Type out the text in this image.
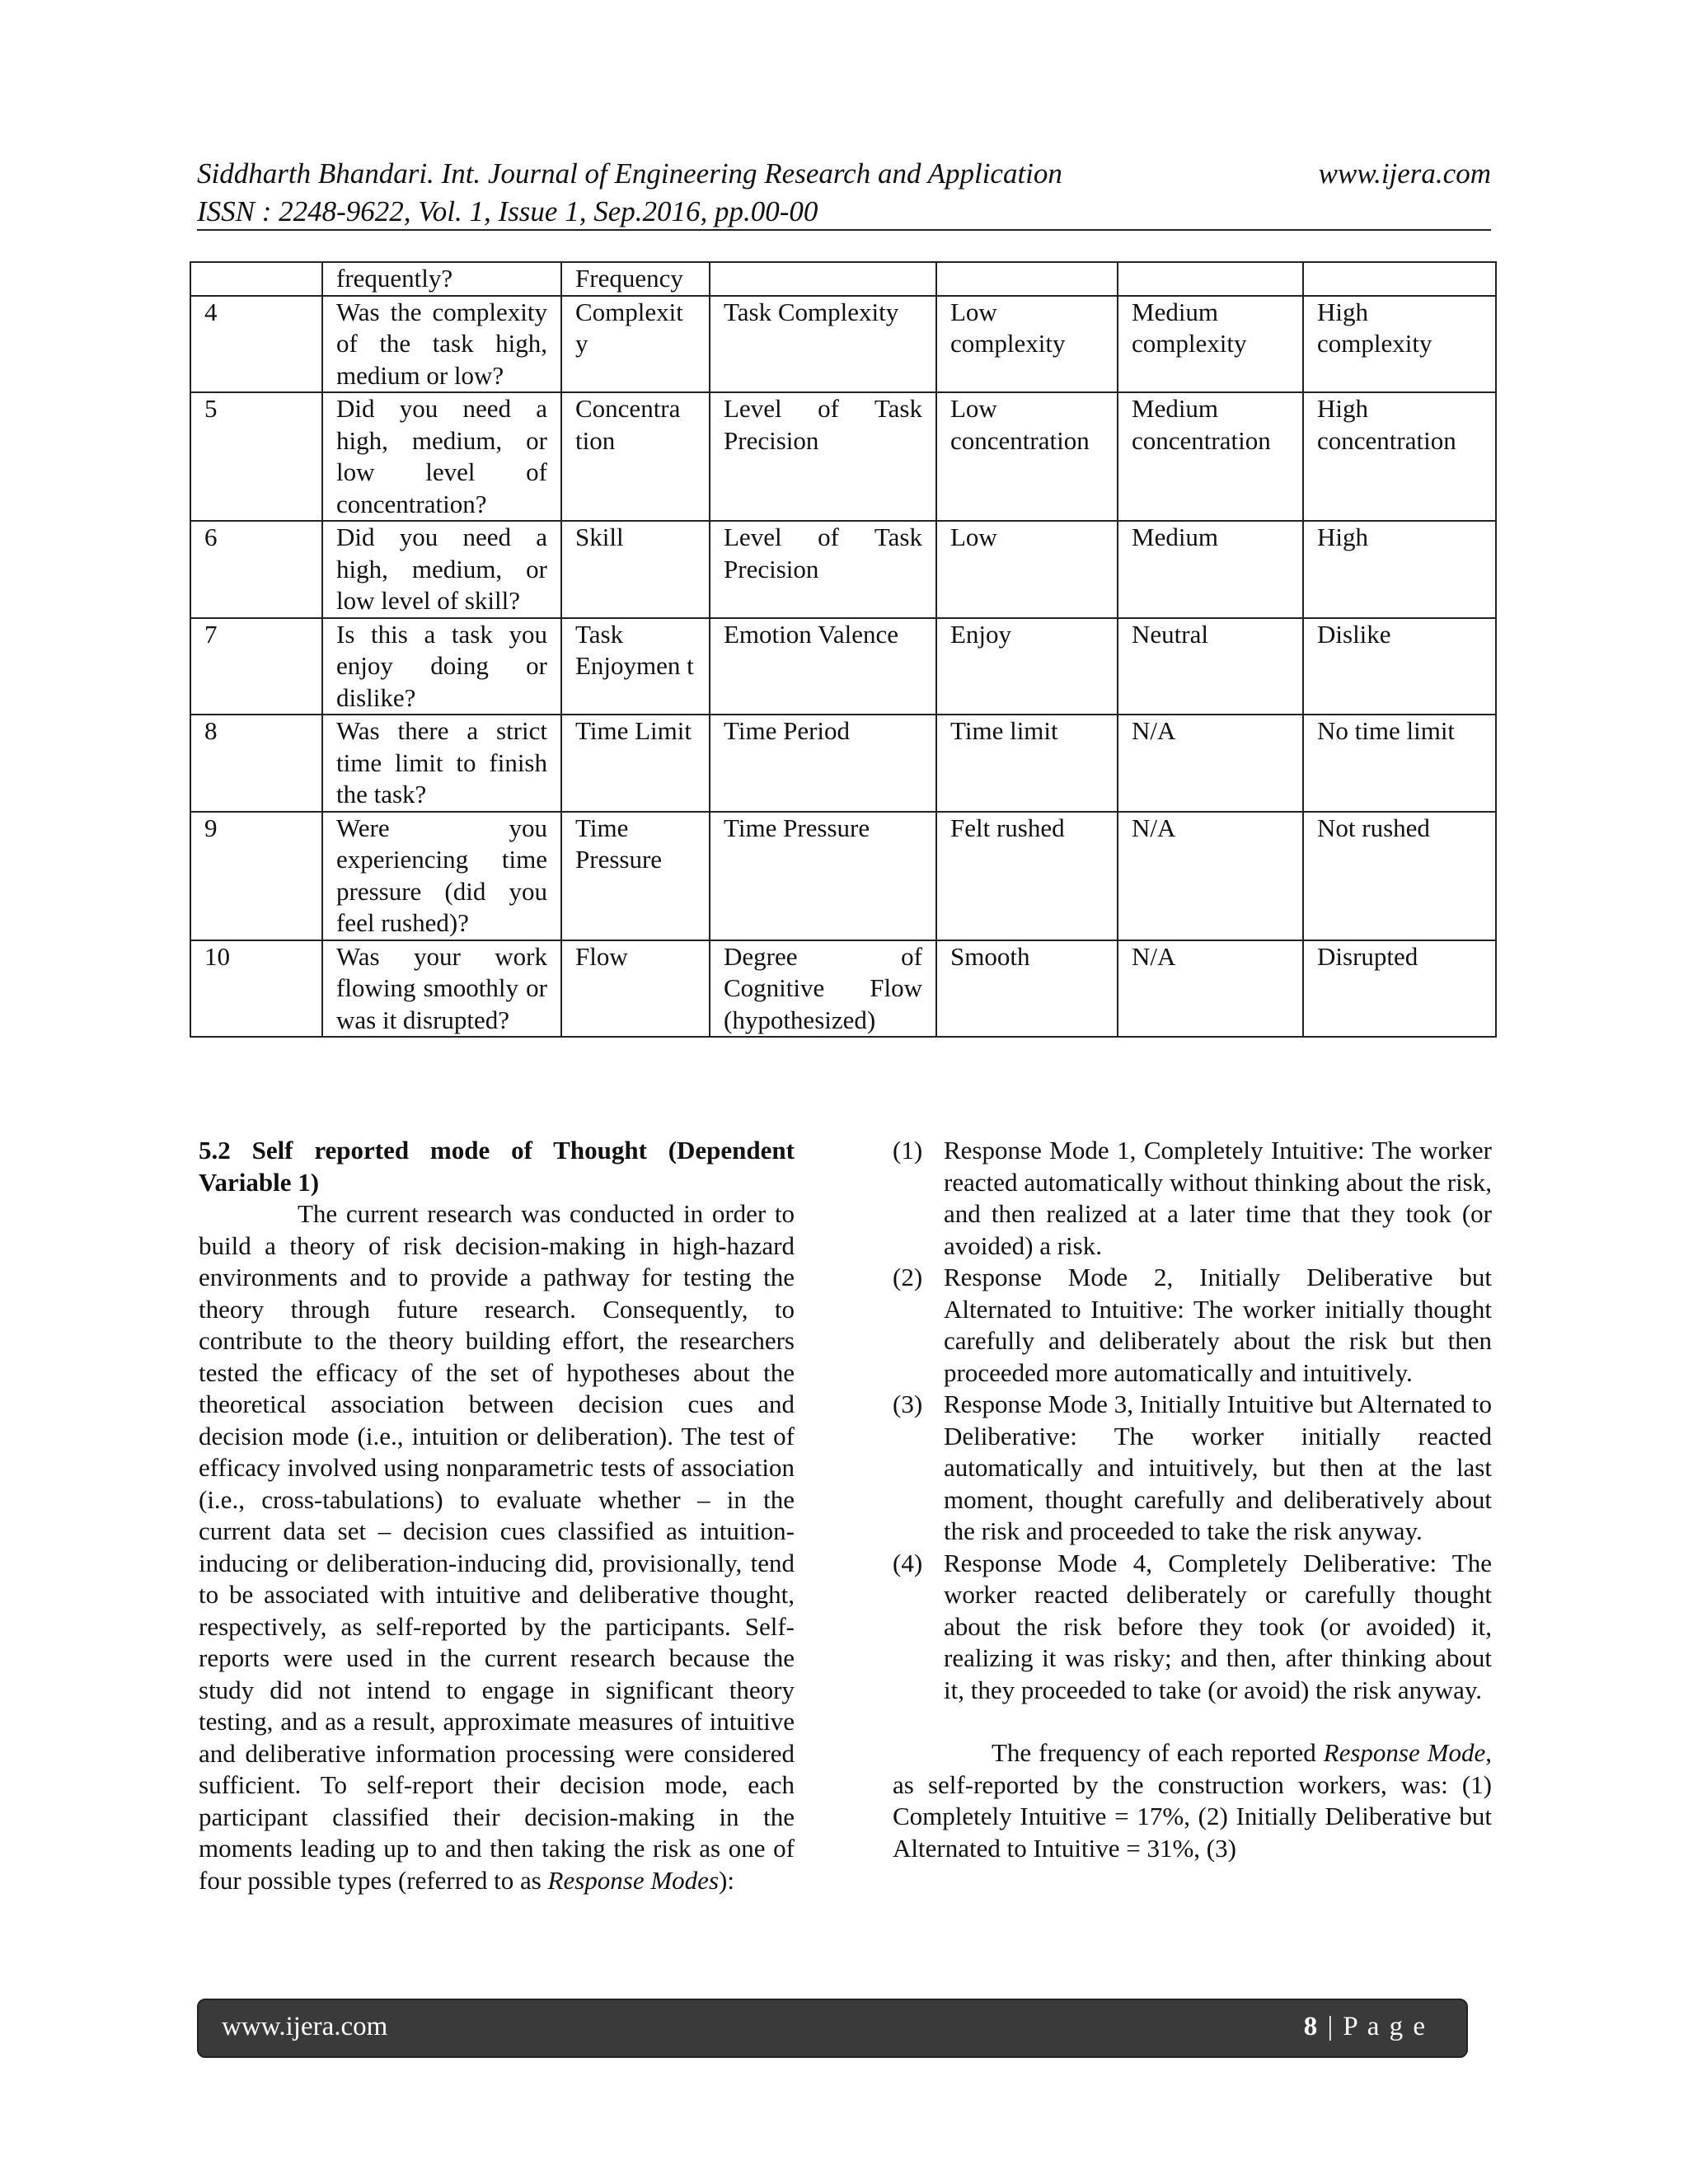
Siddharth Bhandari. Int. Journal of Engineering Research and Application
ISSN : 2248-9622, Vol. 1, Issue 1, Sep.2016, pp.00-00
www.ijera.com
	frequently?	Frequency				
4	Was the complexity of the task high, medium or low?	Complexit y	Task Complexity	Low complexity	Medium complexity	High complexity
5	Did you need a high, medium, or low level of concentration?	Concentra tion	Level of Task Precision	Low concentration	Medium concentration	High concentration
6	Did you need a high, medium, or low level of skill?	Skill	Level of Task Precision	Low	Medium	High
7	Is this a task you enjoy doing or dislike?	Task Enjoymen t	Emotion Valence	Enjoy	Neutral	Dislike
8	Was there a strict time limit to finish the task?	Time Limit	Time Period	Time limit	N/A	No time limit
9	Were you experiencing time pressure (did you feel rushed)?	Time Pressure	Time Pressure	Felt rushed	N/A	Not rushed
10	Was your work flowing smoothly or was it disrupted?	Flow	Degree of Cognitive Flow (hypothesized)	Smooth	N/A	Disrupted
5.2 Self reported mode of Thought (Dependent Variable 1)

The current research was conducted in order to build a theory of risk decision-making in high-hazard environments and to provide a pathway for testing the theory through future research. Consequently, to contribute to the theory building effort, the researchers tested the efficacy of the set of hypotheses about the theoretical association between decision cues and decision mode (i.e., intuition or deliberation). The test of efficacy involved using nonparametric tests of association (i.e., cross-tabulations) to evaluate whether – in the current data set – decision cues classified as intuition-inducing or deliberation-inducing did, provisionally, tend to be associated with intuitive and deliberative thought, respectively, as self-reported by the participants. Self-reports were used in the current research because the study did not intend to engage in significant theory testing, and as a result, approximate measures of intuitive and deliberative information processing were considered sufficient. To self-report their decision mode, each participant classified their decision-making in the moments leading up to and then taking the risk as one of four possible types (referred to as Response Modes):

(1) Response Mode 1, Completely Intuitive: The worker reacted automatically without thinking about the risk, and then realized at a later time that they took (or avoided) a risk.
(2) Response Mode 2, Initially Deliberative but Alternated to Intuitive: The worker initially thought carefully and deliberately about the risk but then proceeded more automatically and intuitively.
(3) Response Mode 3, Initially Intuitive but Alternated to Deliberative: The worker initially reacted automatically and intuitively, but then at the last moment, thought carefully and deliberatively about the risk and proceeded to take the risk anyway.
(4) Response Mode 4, Completely Deliberative: The worker reacted deliberately or carefully thought about the risk before they took (or avoided) it, realizing it was risky; and then, after thinking about it, they proceeded to take (or avoid) the risk anyway.

The frequency of each reported Response Mode, as self-reported by the construction workers, was: (1) Completely Intuitive = 17%, (2) Initially Deliberative but Alternated to Intuitive = 31%, (3)

www.ijera.com	8 | P a g e
